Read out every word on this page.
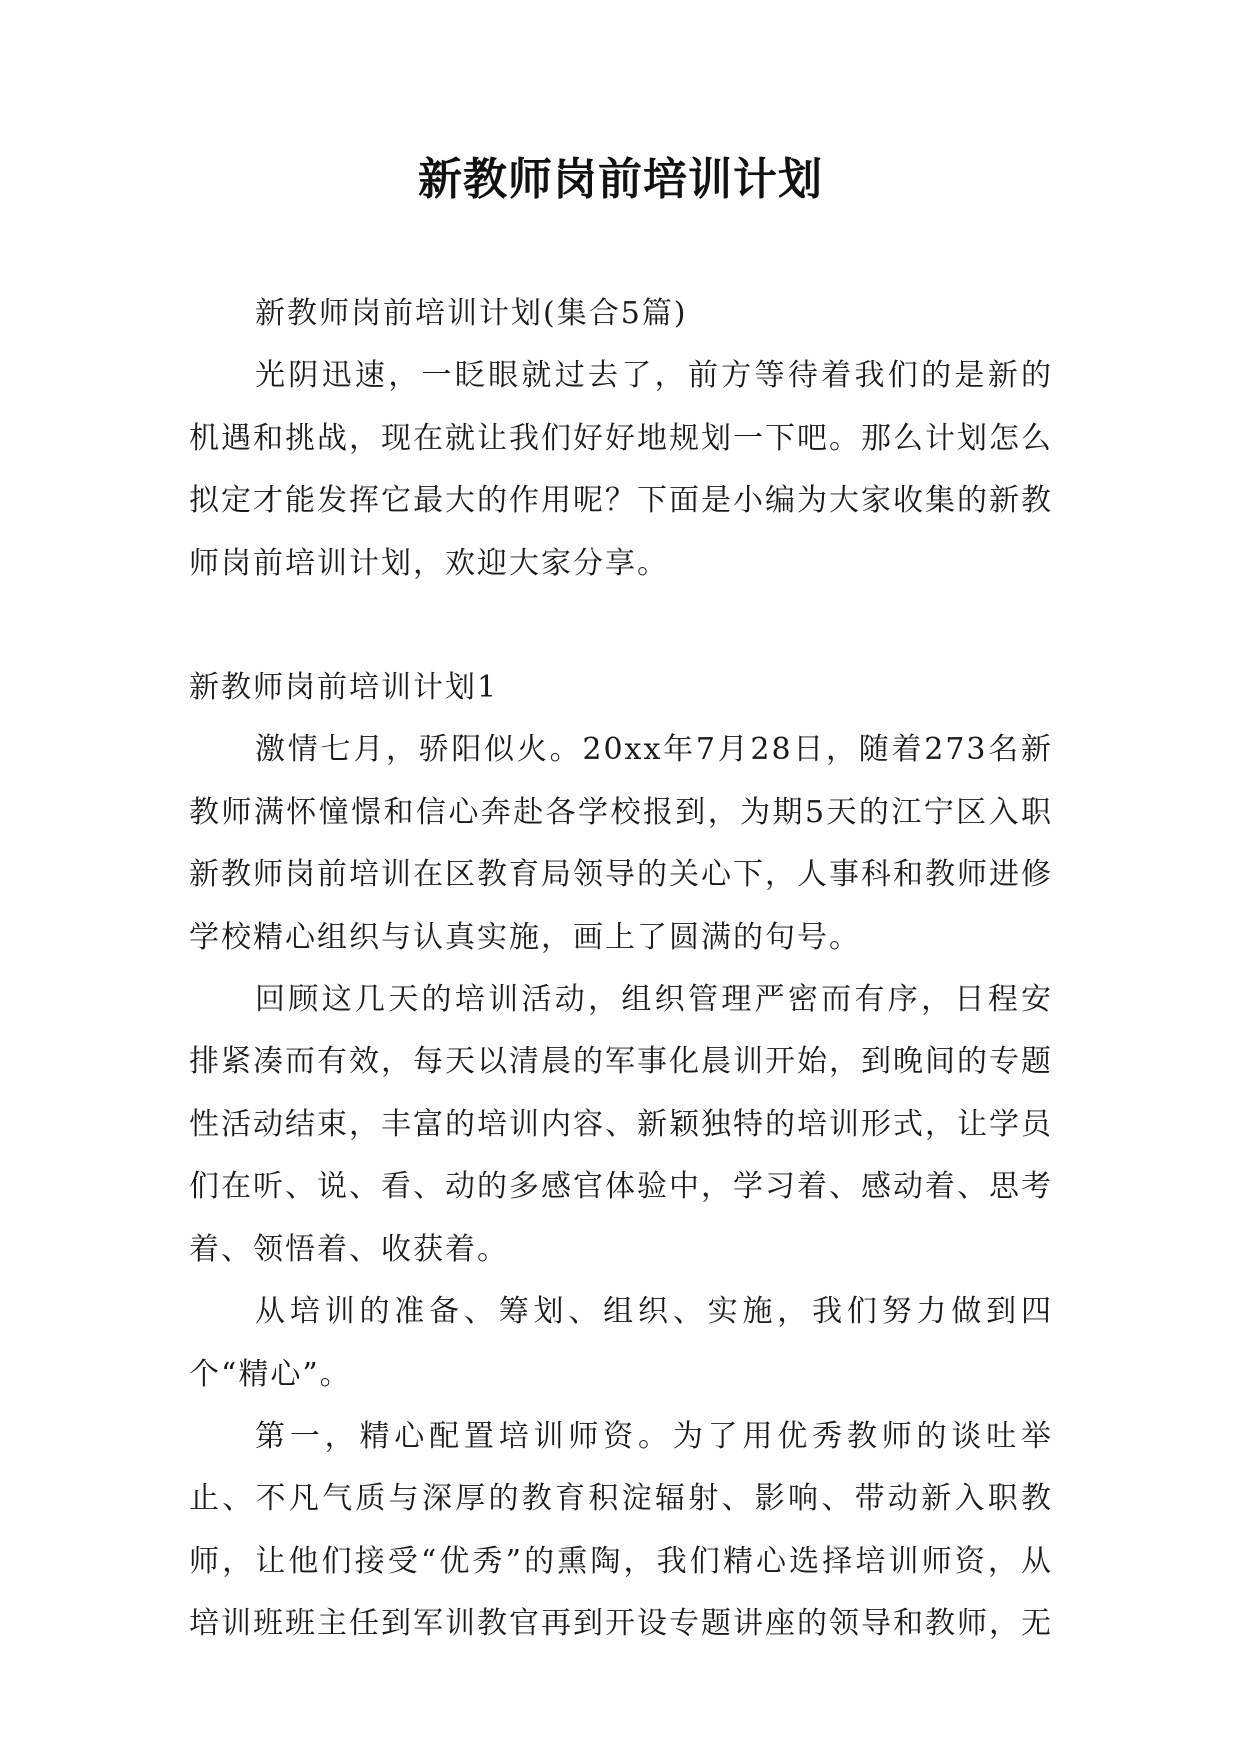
新教师岗前培训计划

新教师岗前培训计划(集合5篇)

光阴迅速，一眨眼就过去了，前方等待着我们的是新的机遇和挑战，现在就让我们好好地规划一下吧。那么计划怎么拟定才能发挥它最大的作用呢？下面是小编为大家收集的新教师岗前培训计划，欢迎大家分享。

新教师岗前培训计划1

激情七月，骄阳似火。20xx年7月28日，随着273名新教师满怀憧憬和信心奔赴各学校报到，为期5天的江宁区入职新教师岗前培训在区教育局领导的关心下，人事科和教师进修学校精心组织与认真实施，画上了圆满的句号。

回顾这几天的培训活动，组织管理严密而有序，日程安排紧凑而有效，每天以清晨的军事化晨训开始，到晚间的专题性活动结束，丰富的培训内容、新颖独特的培训形式，让学员们在听、说、看、动的多感官体验中，学习着、感动着、思考着、领悟着、收获着。

从培训的准备、筹划、组织、实施，我们努力做到四个“精心”。

第一，精心配置培训师资。为了用优秀教师的谈吐举止、不凡气质与深厚的教育积淀辐射、影响、带动新入职教师，让他们接受“优秀”的熏陶，我们精心选择培训师资，从培训班班主任到军训教官再到开设专题讲座的领导和教师，无
